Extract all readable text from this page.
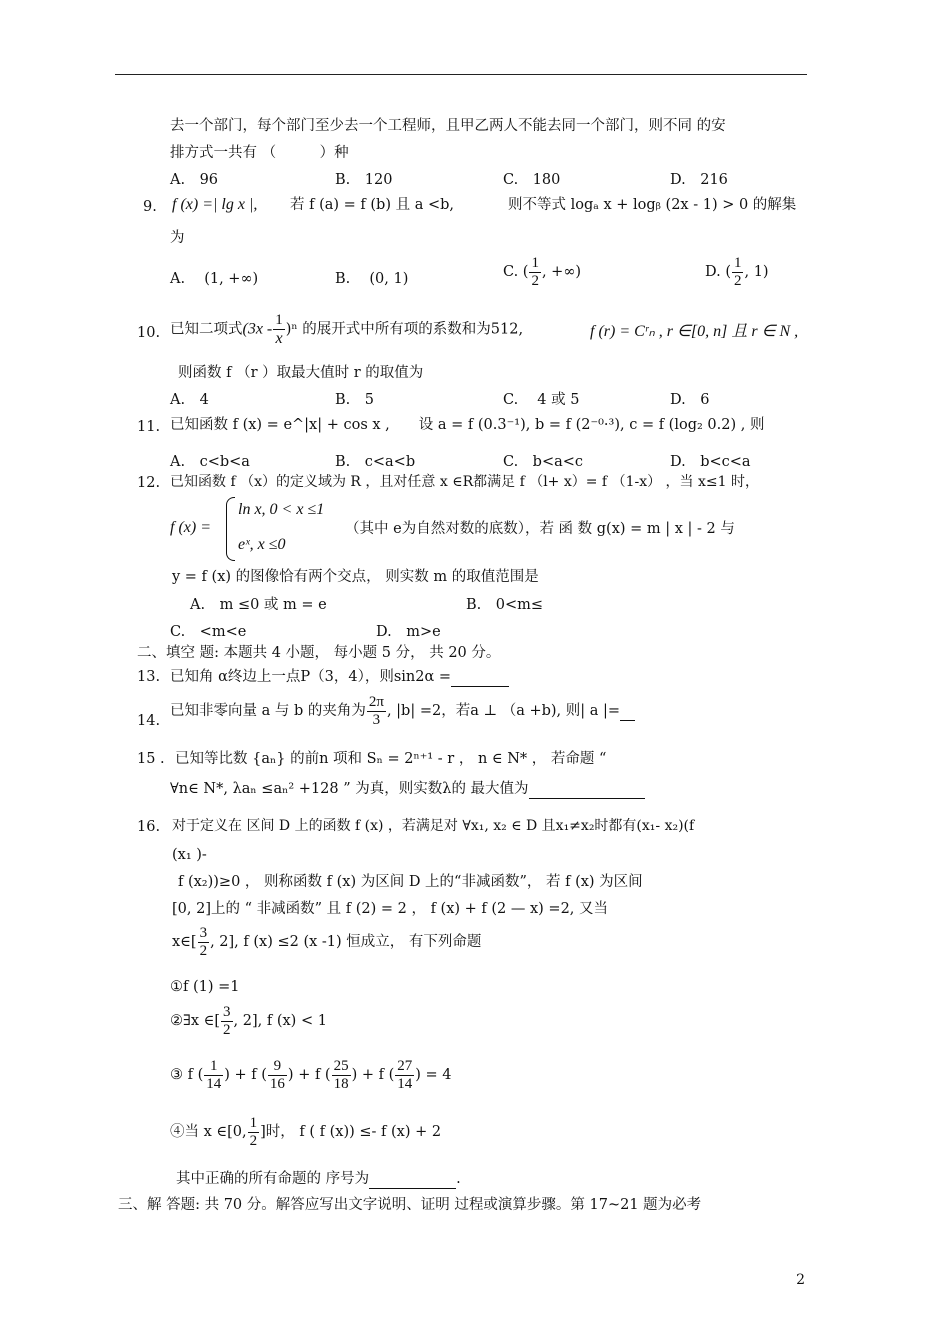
去一个部门，每个部门至少去一个工程师，且甲乙两人不能去同一个部门，则不同 的安
排方式一共有 （　　　）种
A.　96	B.　120	C.　180	D.　216
9. f (x) =| lg x |, 若 f (a) = f (b) 且 a <b,	则不等式 logₐ x + logᵦ (2x - 1) > 0 的解集
为
A.　 (1, +∞)	B.　 (0, 1)	C. ( $\frac{1}{2}$ , +∞)	D. ( $\frac{1}{2}$ , 1)
10. 已知二项式$(3x - \frac{1}{x} )^n$ 的展开式中所有项的系数和为512,	f (r) = Cʳₙ , r ∈[0, n] 且 r ∈ N ,
则函数 f （r ）取最大值时 r 的取值为
A.　4	B.　5	C.　 4 或 5	D.　6
11. 已知函数 f (x) = e^|x| + cos x ,　　设 a = f (0.3⁻¹), b = f (2⁻⁰·³), c = f (log₂ 0.2) , 则
A.　c<b<a	B.　c<a<b	C.　b<a<c	D.　b<c<a
12. 已知函数 f （x）的定义域为 R ，且对任意 x ∈R都满足 f （l+ x）= f （1-x） ，当 x≤1 时，
f (x) =
ln x, 0 < x ≤1
eˣ, x ≤0
（其中 e为自然对数的底数），若 函 数 g(x) = m | x | - 2 与
y = f (x) 的图像恰有两个交点， 则实数 m 的取值范围是
A.　m ≤0 或 m = e	B.　0<m≤
C.　<m<e	D.　m>e
二、填空 题: 本题共 4 小题， 每小题 5 分， 共 20 分。
13. 已知角 α终边上一点P（3，4），则sin2α =　　　　
14.
已知非零向量 a 与 b 的夹角为 $\frac{2\pi}{3}$ , |b| =2，若a ⊥ （a +b), 则| a |=　
15 . 已知等比数 {aₙ} 的前n 项和 Sₙ = 2ⁿ⁺¹ - r ， n ∈ N* ， 若命题 “
∀n∈ N*, λaₙ ≤aₙ² +128 ” 为真，则实数λ的 最大值为　　　　　　　　
16. 对于定义在 区间 D 上的函数 f (x) ，若满足对 ∀x₁, x₂ ∈ D 且x₁≠x₂时都有(x₁- x₂)(f
(x₁ )-
f (x₂))≥0 ， 则称函数 f (x) 为区间 D 上的“非减函数”， 若 f (x) 为区间
[0, 2]上的 “ 非减函数” 且 f (2) = 2 ， f (x) + f (2 — x) =2, 又当
x∈[ $\frac{3}{2}$ , 2], f (x) ≤2 (x -1) 恒成立， 有下列命题
①f (1) =1
②∃x ∈[ $\frac{3}{2}$ , 2], f (x) < 1
③ f ( $\frac{1}{14}$ ) + f ( $\frac{9}{16}$ ) + f ( $\frac{25}{18}$ ) + f ( $\frac{27}{14}$ ) = 4
④当 x ∈[0, $\frac{1}{2}$ ]时， f ( f (x)) ≤- f (x) + 2
其中正确的所有命题的 序号为　　　　　　	.
三、解 答题: 共 70 分。解答应写出文字说明、证明 过程或演算步骤。第 17~21 题为必考
2
